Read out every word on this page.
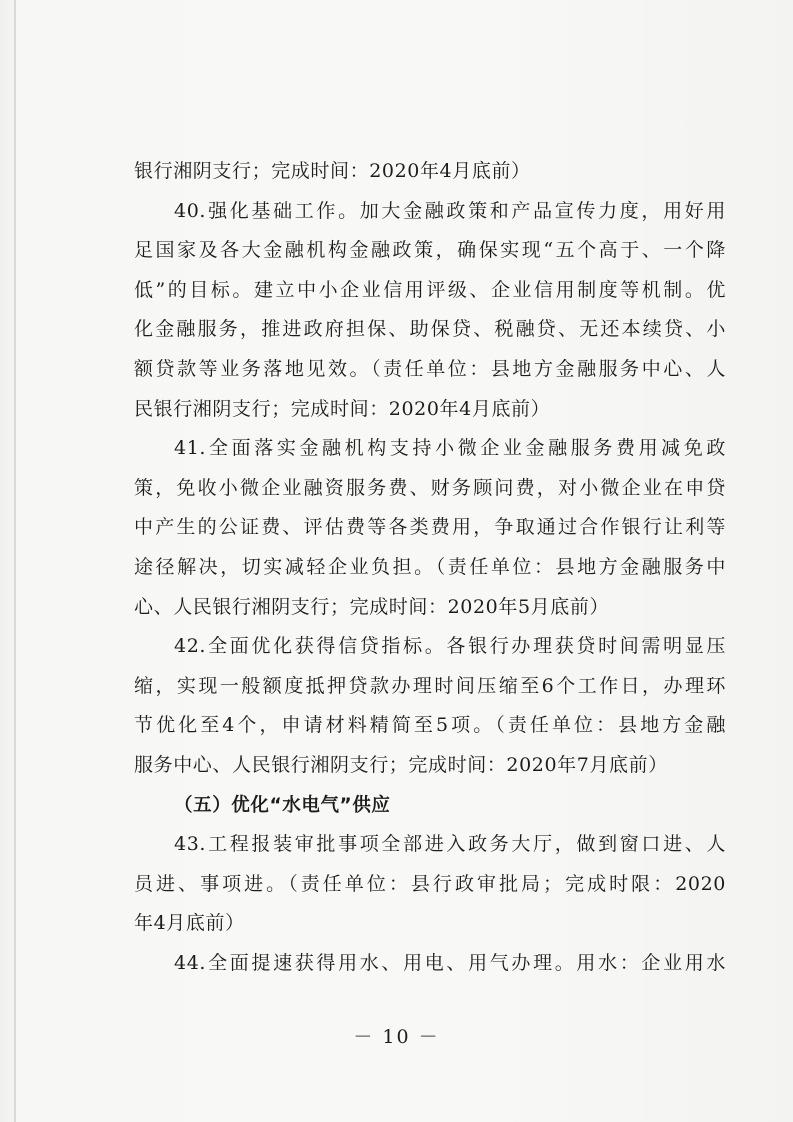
银行湘阴支行；完成时间：2020年4月底前）
40.强化基础工作。加大金融政策和产品宣传力度，用好用
足国家及各大金融机构金融政策，确保实现“五个高于、一个降
低”的目标。建立中小企业信用评级、企业信用制度等机制。优
化金融服务，推进政府担保、助保贷、税融贷、无还本续贷、小
额贷款等业务落地见效。（责任单位：县地方金融服务中心、人
民银行湘阴支行；完成时间：2020年4月底前）
41.全面落实金融机构支持小微企业金融服务费用减免政
策，免收小微企业融资服务费、财务顾问费，对小微企业在申贷
中产生的公证费、评估费等各类费用，争取通过合作银行让利等
途径解决，切实减轻企业负担。（责任单位：县地方金融服务中
心、人民银行湘阴支行；完成时间：2020年5月底前）
42.全面优化获得信贷指标。各银行办理获贷时间需明显压
缩，实现一般额度抵押贷款办理时间压缩至6个工作日，办理环
节优化至4个，申请材料精简至5项。（责任单位：县地方金融
服务中心、人民银行湘阴支行；完成时间：2020年7月底前）
（五）优化“水电气”供应
43.工程报装审批事项全部进入政务大厅，做到窗口进、人
员进、事项进。（责任单位：县行政审批局；完成时限：2020
年4月底前）
44.全面提速获得用水、用电、用气办理。用水：企业用水
－ 10 －
